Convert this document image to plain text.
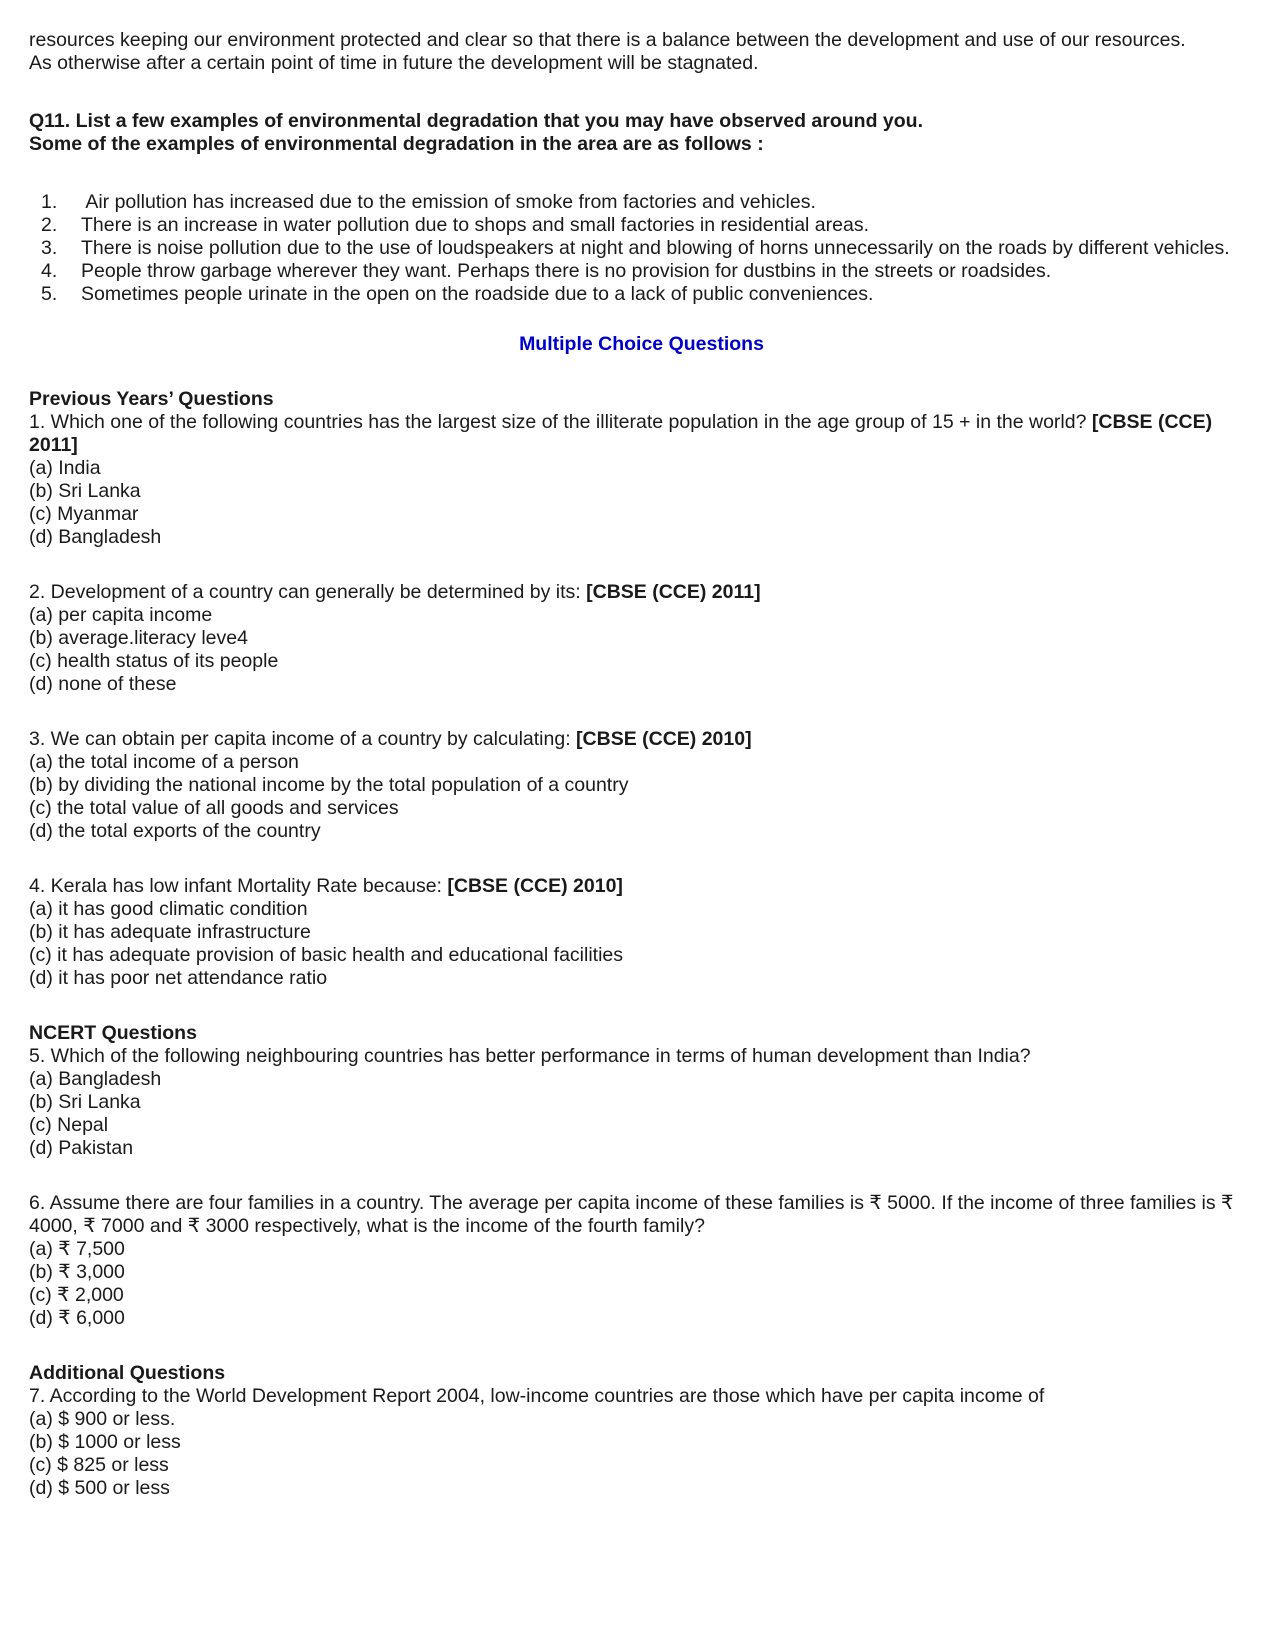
resources keeping our environment protected and clear so that there is a balance between the development and use of our resources.

As otherwise after a certain point of time in future the development will be stagnated.

Q11. List a few examples of environmental degradation that you may have observed around you.

Some of the examples of environmental degradation in the area are as follows :

1. Air pollution has increased due to the emission of smoke from factories and vehicles.
2. There is an increase in water pollution due to shops and small factories in residential areas.
3. There is noise pollution due to the use of loudspeakers at night and blowing of horns unnecessarily on the roads by different vehicles.
4. People throw garbage wherever they want. Perhaps there is no provision for dustbins in the streets or roadsides.
5. Sometimes people urinate in the open on the roadside due to a lack of public conveniences.

Multiple Choice Questions

Previous Years’ Questions

1. Which one of the following countries has the largest size of the illiterate population in the age group of 15 + in the world? [CBSE (CCE) 2011]

(a) India

(b) Sri Lanka

(c) Myanmar

(d) Bangladesh

2. Development of a country can generally be determined by its: [CBSE (CCE) 2011]

(a) per capita income

(b) average.literacy leve4

(c) health status of its people

(d) none of these

3. We can obtain per capita income of a country by calculating: [CBSE (CCE) 2010]

(a) the total income of a person

(b) by dividing the national income by the total population of a country

(c) the total value of all goods and services

(d) the total exports of the country

4. Kerala has low infant Mortality Rate because: [CBSE (CCE) 2010]

(a) it has good climatic condition

(b) it has adequate infrastructure

(c) it has adequate provision of basic health and educational facilities

(d) it has poor net attendance ratio

NCERT Questions

5. Which of the following neighbouring countries has better performance in terms of human development than India?

(a) Bangladesh

(b) Sri Lanka

(c) Nepal

(d) Pakistan

6. Assume there are four families in a country. The average per capita income of these families is ₹ 5000. If the income of three families is ₹ 4000, ₹ 7000 and ₹ 3000 respectively, what is the income of the fourth family?

(a) ₹ 7,500

(b) ₹ 3,000

(c) ₹ 2,000

(d) ₹ 6,000

Additional Questions

7. According to the World Development Report 2004, low-income countries are those which have per capita income of

(a) $ 900 or less.

(b) $ 1000 or less

(c) $ 825 or less

(d) $ 500 or less
